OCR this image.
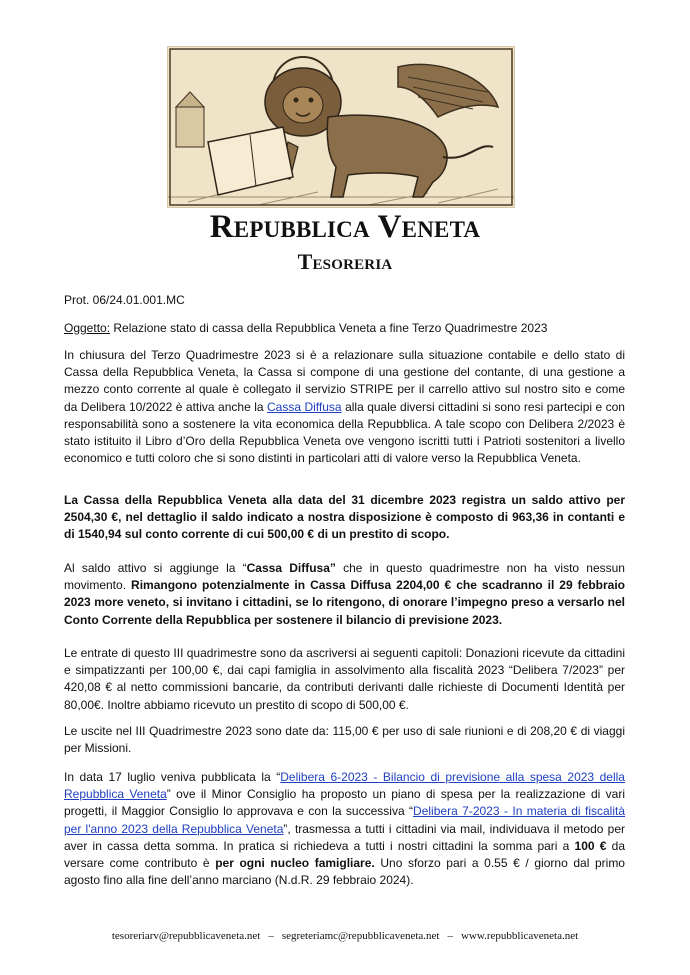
Repubblica Veneta
Tesoreria
Prot. 06/24.01.001.MC
Oggetto: Relazione stato di cassa della Repubblica Veneta a fine Terzo Quadrimestre 2023
In chiusura del Terzo Quadrimestre 2023 si è a relazionare sulla situazione contabile e dello stato di Cassa della Repubblica Veneta, la Cassa si compone di una gestione del contante, di una gestione a mezzo conto corrente al quale è collegato il servizio STRIPE per il carrello attivo sul nostro sito e come da Delibera 10/2022 è attiva anche la Cassa Diffusa alla quale diversi cittadini si sono resi partecipi e con responsabilità sono a sostenere la vita economica della Repubblica. A tale scopo con Delibera 2/2023 è stato istituito il Libro d’Oro della Repubblica Veneta ove vengono iscritti tutti i Patrioti sostenitori a livello economico e tutti coloro che si sono distinti in particolari atti di valore verso la Repubblica Veneta.
La Cassa della Repubblica Veneta alla data del 31 dicembre 2023 registra un saldo attivo per 2504,30 €, nel dettaglio il saldo indicato a nostra disposizione è composto di 963,36 in contanti e di 1540,94 sul conto corrente di cui 500,00 € di un prestito di scopo.
Al saldo attivo si aggiunge la “Cassa Diffusa” che in questo quadrimestre non ha visto nessun movimento. Rimangono potenzialmente in Cassa Diffusa 2204,00 € che scadranno il 29 febbraio 2023 more veneto, si invitano i cittadini, se lo ritengono, di onorare l’impegno preso a versarlo nel Conto Corrente della Repubblica per sostenere il bilancio di previsione 2023.
Le entrate di questo III quadrimestre sono da ascriversi ai seguenti capitoli: Donazioni ricevute da cittadini e simpatizzanti per 100,00 €, dai capi famiglia in assolvimento alla fiscalità 2023 “Delibera 7/2023” per 420,08 € al netto commissioni bancarie, da contributi derivanti dalle richieste di Documenti Identità per 80,00€. Inoltre abbiamo ricevuto un prestito di scopo di 500,00 €.
Le uscite nel III Quadrimestre 2023 sono date da: 115,00 € per uso di sale riunioni e di 208,20 € di viaggi per Missioni.
In data 17 luglio veniva pubblicata la “Delibera 6-2023 - Bilancio di previsione alla spesa 2023 della Repubblica Veneta” ove il Minor Consiglio ha proposto un piano di spesa per la realizzazione di vari progetti, il Maggior Consiglio lo approvava e con la successiva “Delibera 7-2023 - In materia di fiscalità per l'anno 2023 della Repubblica Veneta”, trasmessa a tutti i cittadini via mail, individuava il metodo per aver in cassa detta somma. In pratica si richiedeva a tutti i nostri cittadini la somma pari a 100 € da versare come contributo è per ogni nucleo famigliare. Uno sforzo pari a 0.55 € / giorno dal primo agosto fino alla fine dell’anno marciano (N.d.R. 29 febbraio 2024).
tesoreriarv@repubblicaveneta.net – segreteriamc@repubblicaveneta.net – www.repubblicaveneta.net
